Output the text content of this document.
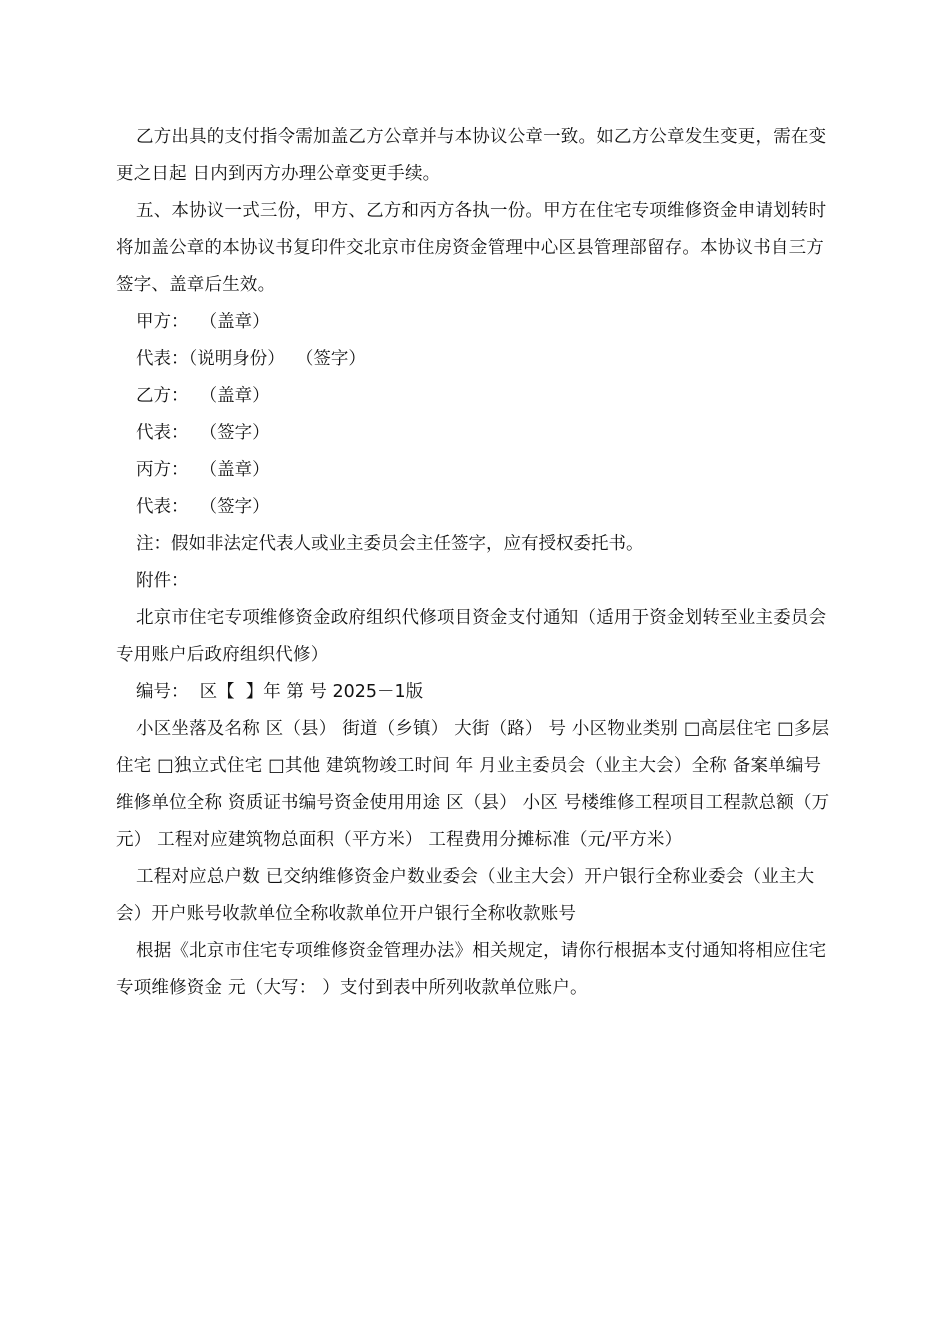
乙方出具的支付指令需加盖乙方公章并与本协议公章一致。如乙方公章发生变更，需在变更之日起 日内到丙方办理公章变更手续。

五、本协议一式三份，甲方、乙方和丙方各执一份。甲方在住宅专项维修资金申请划转时将加盖公章的本协议书复印件交北京市住房资金管理中心区县管理部留存。本协议书自三方签字、盖章后生效。

甲方：  （盖章）

代表：（说明身份）  （签字）

乙方：  （盖章）

代表：  （签字）

丙方：  （盖章）

代表：  （签字）

注：假如非法定代表人或业主委员会主任签字，应有授权委托书。

附件：

北京市住宅专项维修资金政府组织代修项目资金支付通知（适用于资金划转至业主委员会专用账户后政府组织代修）

编号：  区【  】年 第 号 2025－1版

小区坐落及名称 区（县） 街道（乡镇） 大街（路） 号 小区物业类别 □高层住宅 □多层住宅 □独立式住宅 □其他 建筑物竣工时间 年 月业主委员会（业主大会）全称 备案单编号维修单位全称 资质证书编号资金使用用途 区（县） 小区 号楼维修工程项目工程款总额（万元） 工程对应建筑物总面积（平方米） 工程费用分摊标准（元/平方米）

工程对应总户数 已交纳维修资金户数业委会（业主大会）开户银行全称业委会（业主大会）开户账号收款单位全称收款单位开户银行全称收款账号

根据《北京市住宅专项维修资金管理办法》相关规定，请你行根据本支付通知将相应住宅专项维修资金 元（大写： ）支付到表中所列收款单位账户。
